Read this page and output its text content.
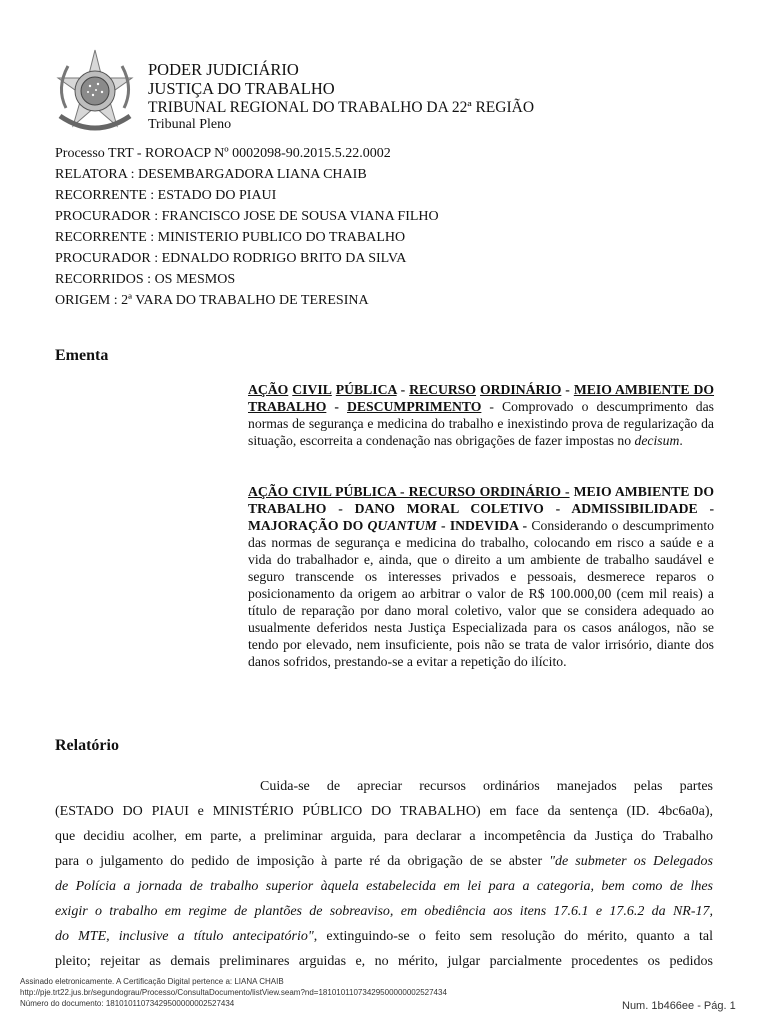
PODER JUDICIÁRIO
JUSTIÇA DO TRABALHO
TRIBUNAL REGIONAL DO TRABALHO DA 22ª REGIÃO
Tribunal Pleno
Processo TRT - ROROACP Nº 0002098-90.2015.5.22.0002
RELATORA : DESEMBARGADORA LIANA CHAIB
RECORRENTE : ESTADO DO PIAUI
PROCURADOR : FRANCISCO JOSE DE SOUSA VIANA FILHO
RECORRENTE : MINISTERIO PUBLICO DO TRABALHO
PROCURADOR : EDNALDO RODRIGO BRITO DA SILVA
RECORRIDOS : OS MESMOS
ORIGEM : 2ª VARA DO TRABALHO DE TERESINA
Ementa
AÇÃO CIVIL PÚBLICA - RECURSO ORDINÁRIO - MEIO AMBIENTE DO TRABALHO - DESCUMPRIMENTO - Comprovado o descumprimento das normas de segurança e medicina do trabalho e inexistindo prova de regularização da situação, escorreita a condenação nas obrigações de fazer impostas no decisum.
AÇÃO CIVIL PÚBLICA - RECURSO ORDINÁRIO - MEIO AMBIENTE DO TRABALHO - DANO MORAL COLETIVO - ADMISSIBILIDADE - MAJORAÇÃO DO QUANTUM - INDEVIDA - Considerando o descumprimento das normas de segurança e medicina do trabalho, colocando em risco a saúde e a vida do trabalhador e, ainda, que o direito a um ambiente de trabalho saudável e seguro transcende os interesses privados e pessoais, desmerece reparos o posicionamento da origem ao arbitrar o valor de R$ 100.000,00 (cem mil reais) a título de reparação por dano moral coletivo, valor que se considera adequado ao usualmente deferidos nesta Justiça Especializada para os casos análogos, não se tendo por elevado, nem insuficiente, pois não se trata de valor irrisório, diante dos danos sofridos, prestando-se a evitar a repetição do ilícito.
Relatório
Cuida-se de apreciar recursos ordinários manejados pelas partes
(ESTADO DO PIAUI e MINISTÉRIO PÚBLICO DO TRABALHO) em face da sentença (ID. 4bc6a0a),
que decidiu acolher, em parte, a preliminar arguida, para declarar a incompetência da Justiça do Trabalho
para o julgamento do pedido de imposição à parte ré da obrigação de se abster "de submeter os Delegados
de Polícia a jornada de trabalho superior àquela estabelecida em lei para a categoria, bem como de lhes
exigir o trabalho em regime de plantões de sobreaviso, em obediência aos itens 17.6.1 e 17.6.2 da NR-17,
do MTE, inclusive a título antecipatório", extinguindo-se o feito sem resolução do mérito, quanto a tal
pleito; rejeitar as demais preliminares arguidas e, no mérito, julgar parcialmente procedentes os pedidos
Assinado eletronicamente. A Certificação Digital pertence a: LIANA CHAIB
http://pje.trt22.jus.br/segundograu/Processo/ConsultaDocumento/listView.seam?nd=18101011073429500000002527434
Número do documento: 18101011073429500000002527434	Num. 1b466ee - Pág. 1
